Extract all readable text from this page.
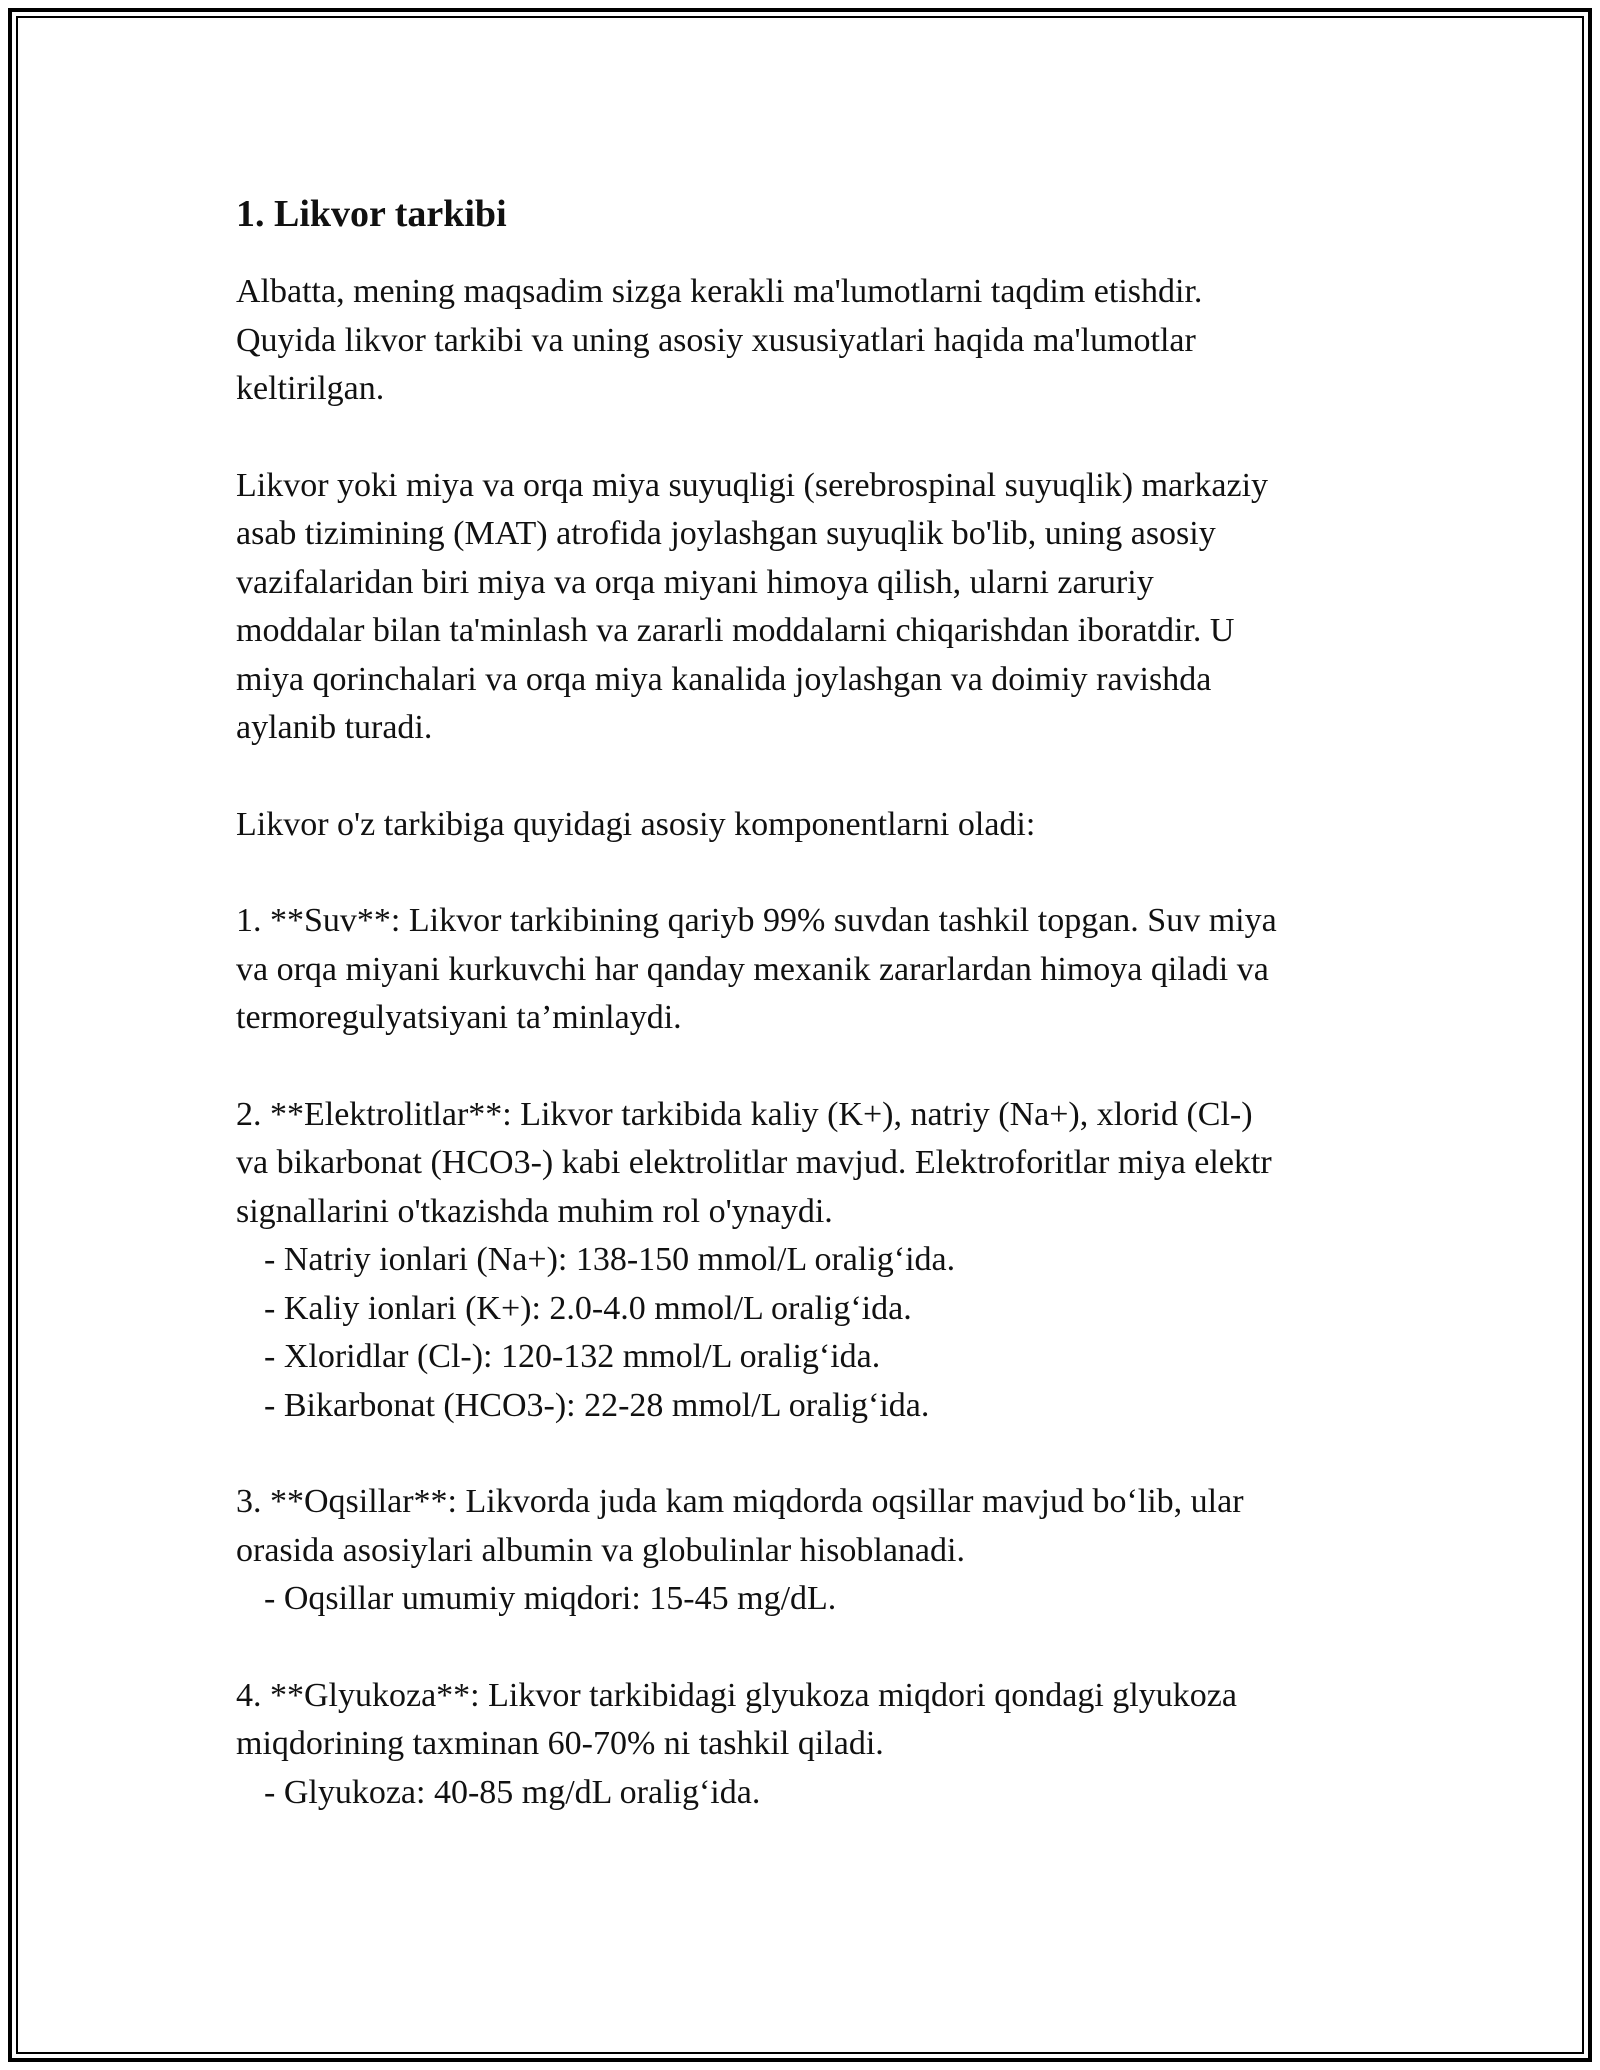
1. Likvor tarkibi
Albatta, mening maqsadim sizga kerakli ma'lumotlarni taqdim etishdir.
Quyida likvor tarkibi va uning asosiy xususiyatlari haqida ma'lumotlar
keltirilgan.
Likvor yoki miya va orqa miya suyuqligi (serebrospinal suyuqlik) markaziy
asab tizimining (MAT) atrofida joylashgan suyuqlik bo'lib, uning asosiy
vazifalaridan biri miya va orqa miyani himoya qilish, ularni zaruriy
moddalar bilan ta'minlash va zararli moddalarni chiqarishdan iboratdir. U
miya qorinchalari va orqa miya kanalida joylashgan va doimiy ravishda
aylanib turadi.
Likvor o'z tarkibiga quyidagi asosiy komponentlarni oladi:
1. **Suv**: Likvor tarkibining qariyb 99% suvdan tashkil topgan. Suv miya
va orqa miyani kurkuvchi har qanday mexanik zararlardan himoya qiladi va
termoregulyatsiyani ta’minlaydi.
2. **Elektrolitlar**: Likvor tarkibida kaliy (K+), natriy (Na+), xlorid (Cl-)
va bikarbonat (HCO3-) kabi elektrolitlar mavjud. Elektroforitlar miya elektr
signallarini o'tkazishda muhim rol o'ynaydi.
- Natriy ionlari (Na+): 138-150 mmol/L oralig‘ida.
- Kaliy ionlari (K+): 2.0-4.0 mmol/L oralig‘ida.
- Xloridlar (Cl-): 120-132 mmol/L oralig‘ida.
- Bikarbonat (HCO3-): 22-28 mmol/L oralig‘ida.
3. **Oqsillar**: Likvorda juda kam miqdorda oqsillar mavjud bo‘lib, ular
orasida asosiylari albumin va globulinlar hisoblanadi.
- Oqsillar umumiy miqdori: 15-45 mg/dL.
4. **Glyukoza**: Likvor tarkibidagi glyukoza miqdori qondagi glyukoza
miqdorining taxminan 60-70% ni tashkil qiladi.
- Glyukoza: 40-85 mg/dL oralig‘ida.
